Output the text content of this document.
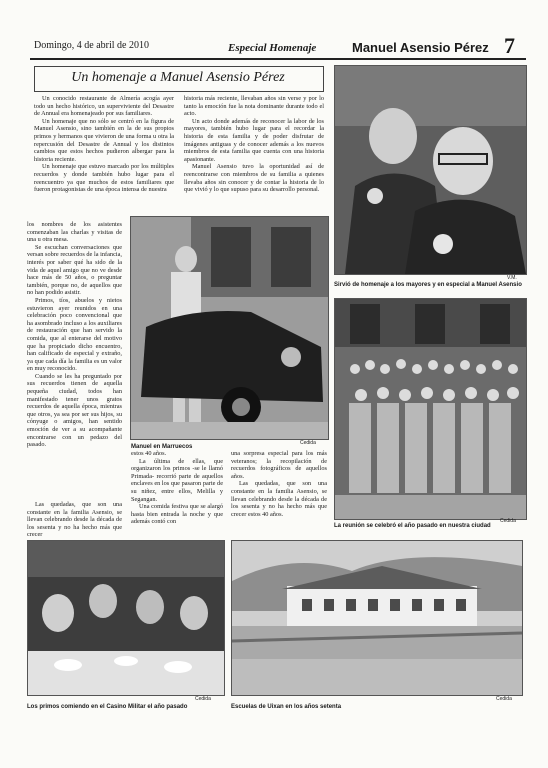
Domingo, 4 de abril de 2010	Especial Homenaje	Manuel Asensio Pérez 7
Un homenaje a Manuel Asensio Pérez

Un conocido restaurante de Almería acogía ayer todo un hecho histórico, un superviviente del Desastre de Annual era homenajeado por sus familiares.

Un homenaje que no sólo se centró en la figura de Manuel Asensio, sino también en la de sus propios primos y hermanos que vivieron de una forma u otra la repercusión del Desastre de Annual y los distintos cambios que estos hechos pudieron albergar para la historia reciente.

Un homenaje que estuvo marcado por los múltiples recuerdos y donde también hubo lugar para el reencuentro ya que muchos de estos familiares que fueron protagonistas de una época intensa de nuestra

historia más reciente, llevaban años sin verse y por lo tanto la emoción fue la nota dominante durante todo el acto.

Un acto donde además de reconocer la labor de los mayores, también hubo lugar para el recordar la historia de esta familia y de poder disfrutar de imágenes antiguas y de conocer además a los nuevos miembros de esta familia que cuenta con una historia apasionante.

Manuel Asensio tuvo la oportunidad así de reencontrarse con miembros de su familia a quienes llevaba años sin conocer y de contar la historia de lo que vivió y lo que supuso para su desarrollo personal.

los nombres de los asistentes comenzaban las charlas y visitas de una u otra mesa.

Se escuchan conversaciones que versan sobre recuerdos de la infancia, interés por saber qué ha sido de la vida de aquel amigo que no ve desde hace más de 50 años, o preguntar también, porque no, de aquellos que no han podido asistir.

Primos, tíos, abuelos y nietos estuvieron ayer reunidos en una celebración poco convencional que ha asombrado incluso a los auxiliares de restauración que han servido la comida, que al enterarse del motivo que ha propiciado dicho encuentro, han calificado de especial y extraño, ya que cada día la familia es un valor en muy reconocido.

Cuando se les ha preguntado por sus recuerdos tienen de aquella pequeña ciudad, todos han manifestado tener unos gratos recuerdos de aquella época, mientras que otros, ya sea por ser sus hijos, su cónyuge o amigos, han sentido emoción de ver a su acompañante encontrarse con un pedazo del pasado.

Las quedadas, que son una constante en la familia Asensio, se llevan celebrando desde la década de los sesenta y no ha hecho más que crecer

estos 40 años.

La última de ellas, que organizaron los primos -se le llamó Primada- recorrió parte de aquellos enclaves en los que pasaron parte de su niñez, entre ellos, Melilla y Segangan.

Una comida festiva que se alargó hasta bien entrada la noche y que además contó con

una sorpresa especial para los más veteranos; la recopilación de recuerdos fotográficos de aquellos años.

Las quedadas, que son una constante en la familia Asensio, se llevan celebrando desde la década de los sesenta y no ha hecho más que crecer estos 40 años.

V.M.
Sirvió de homenaje a los mayores y en especial a Manuel Asensio
Manuel en Marruecos
Cedida
La reunión se celebró el año pasado en nuestra ciudad
Cedida
Cedida
Los primos comiendo en el Casino Militar el año pasado
Cedida
Escuelas de Uixan en los años setenta
